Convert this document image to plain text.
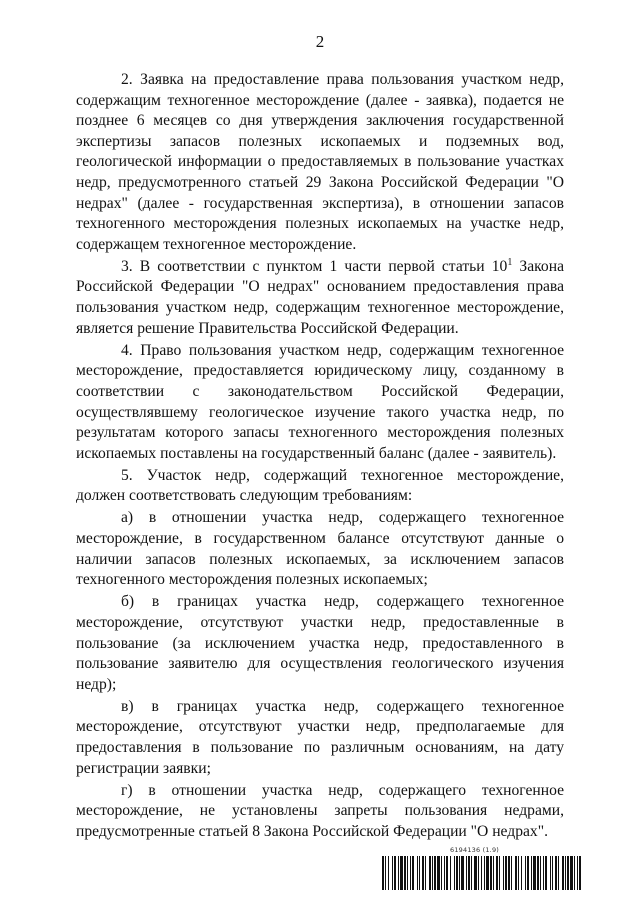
2

2. Заявка на предоставление права пользования участком недр, содержащим техногенное месторождение (далее - заявка), подается не позднее 6 месяцев со дня утверждения заключения государственной экспертизы запасов полезных ископаемых и подземных вод, геологической информации о предоставляемых в пользование участках недр, предусмотренного статьей 29 Закона Российской Федерации "О недрах" (далее - государственная экспертиза), в отношении запасов техногенного месторождения полезных ископаемых на участке недр, содержащем техногенное месторождение.

3. В соответствии с пунктом 1 части первой статьи $10^1$ Закона Российской Федерации "О недрах" основанием предоставления права пользования участком недр, содержащим техногенное месторождение, является решение Правительства Российской Федерации.

4. Право пользования участком недр, содержащим техногенное месторождение, предоставляется юридическому лицу, созданному в соответствии с законодательством Российской Федерации, осуществлявшему геологическое изучение такого участка недр, по результатам которого запасы техногенного месторождения полезных ископаемых поставлены на государственный баланс (далее - заявитель).

5. Участок недр, содержащий техногенное месторождение, должен соответствовать следующим требованиям:

а) в отношении участка недр, содержащего техногенное месторождение, в государственном балансе отсутствуют данные о наличии запасов полезных ископаемых, за исключением запасов техногенного месторождения полезных ископаемых;

б) в границах участка недр, содержащего техногенное месторождение, отсутствуют участки недр, предоставленные в пользование (за исключением участка недр, предоставленного в пользование заявителю для осуществления геологического изучения недр);

в) в границах участка недр, содержащего техногенное месторождение, отсутствуют участки недр, предполагаемые для предоставления в пользование по различным основаниям, на дату регистрации заявки;

г) в отношении участка недр, содержащего техногенное месторождение, не установлены запреты пользования недрами, предусмотренные статьей 8 Закона Российской Федерации "О недрах".

6194136 (1.9)
